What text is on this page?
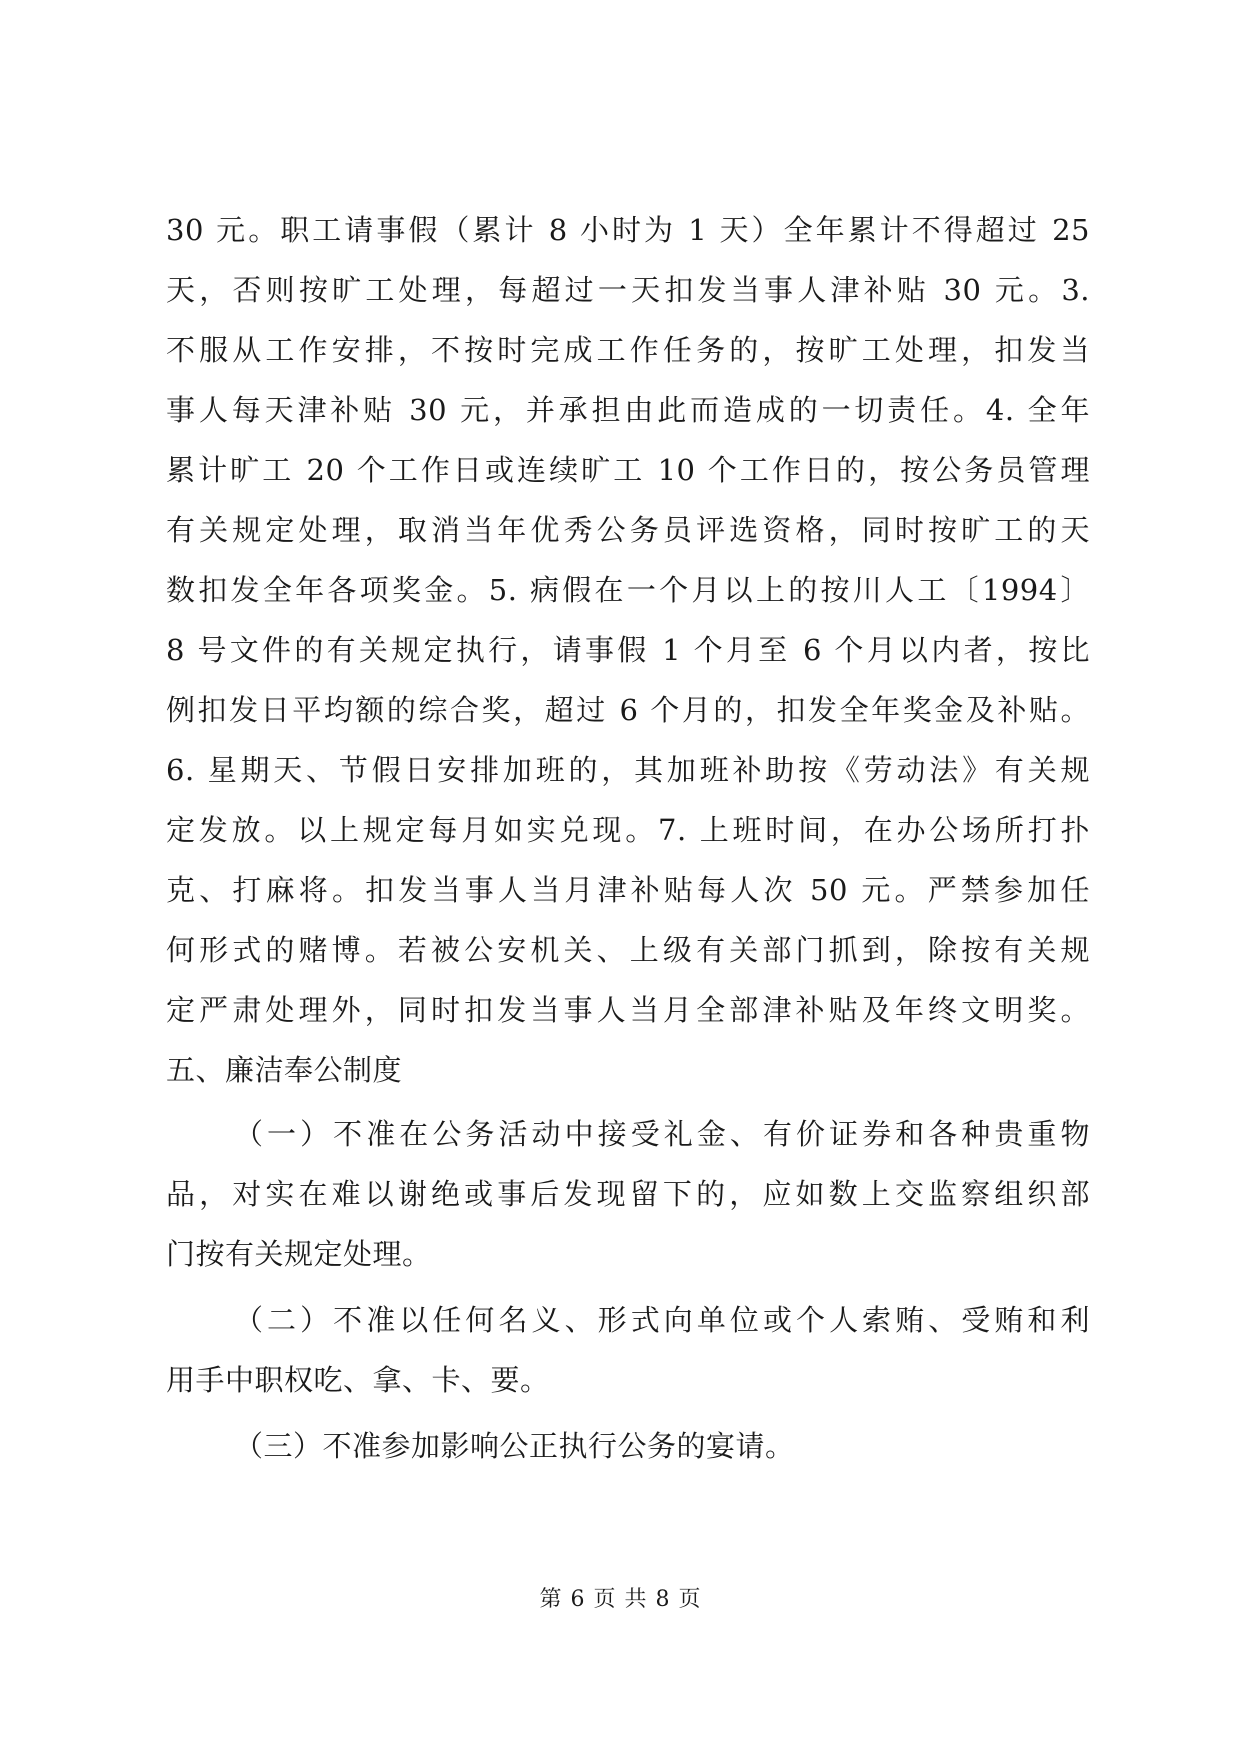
30 元。职工请事假（累计 8 小时为 1 天）全年累计不得超过 25
天，否则按旷工处理，每超过一天扣发当事人津补贴 30 元。3.
不服从工作安排，不按时完成工作任务的，按旷工处理，扣发当
事人每天津补贴 30 元，并承担由此而造成的一切责任。4. 全年
累计旷工 20 个工作日或连续旷工 10 个工作日的，按公务员管理
有关规定处理，取消当年优秀公务员评选资格，同时按旷工的天
数扣发全年各项奖金。5. 病假在一个月以上的按川人工〔1994〕
8 号文件的有关规定执行，请事假 1 个月至 6 个月以内者，按比
例扣发日平均额的综合奖，超过 6 个月的，扣发全年奖金及补贴。
6. 星期天、节假日安排加班的，其加班补助按《劳动法》有关规
定发放。以上规定每月如实兑现。7. 上班时间，在办公场所打扑
克、打麻将。扣发当事人当月津补贴每人次 50 元。严禁参加任
何形式的赌博。若被公安机关、上级有关部门抓到，除按有关规
定严肃处理外，同时扣发当事人当月全部津补贴及年终文明奖。
五、廉洁奉公制度
（一）不准在公务活动中接受礼金、有价证券和各种贵重物
品，对实在难以谢绝或事后发现留下的，应如数上交监察组织部
门按有关规定处理。
（二）不准以任何名义、形式向单位或个人索贿、受贿和利
用手中职权吃、拿、卡、要。
（三）不准参加影响公正执行公务的宴请。
第 6 页 共 8 页
